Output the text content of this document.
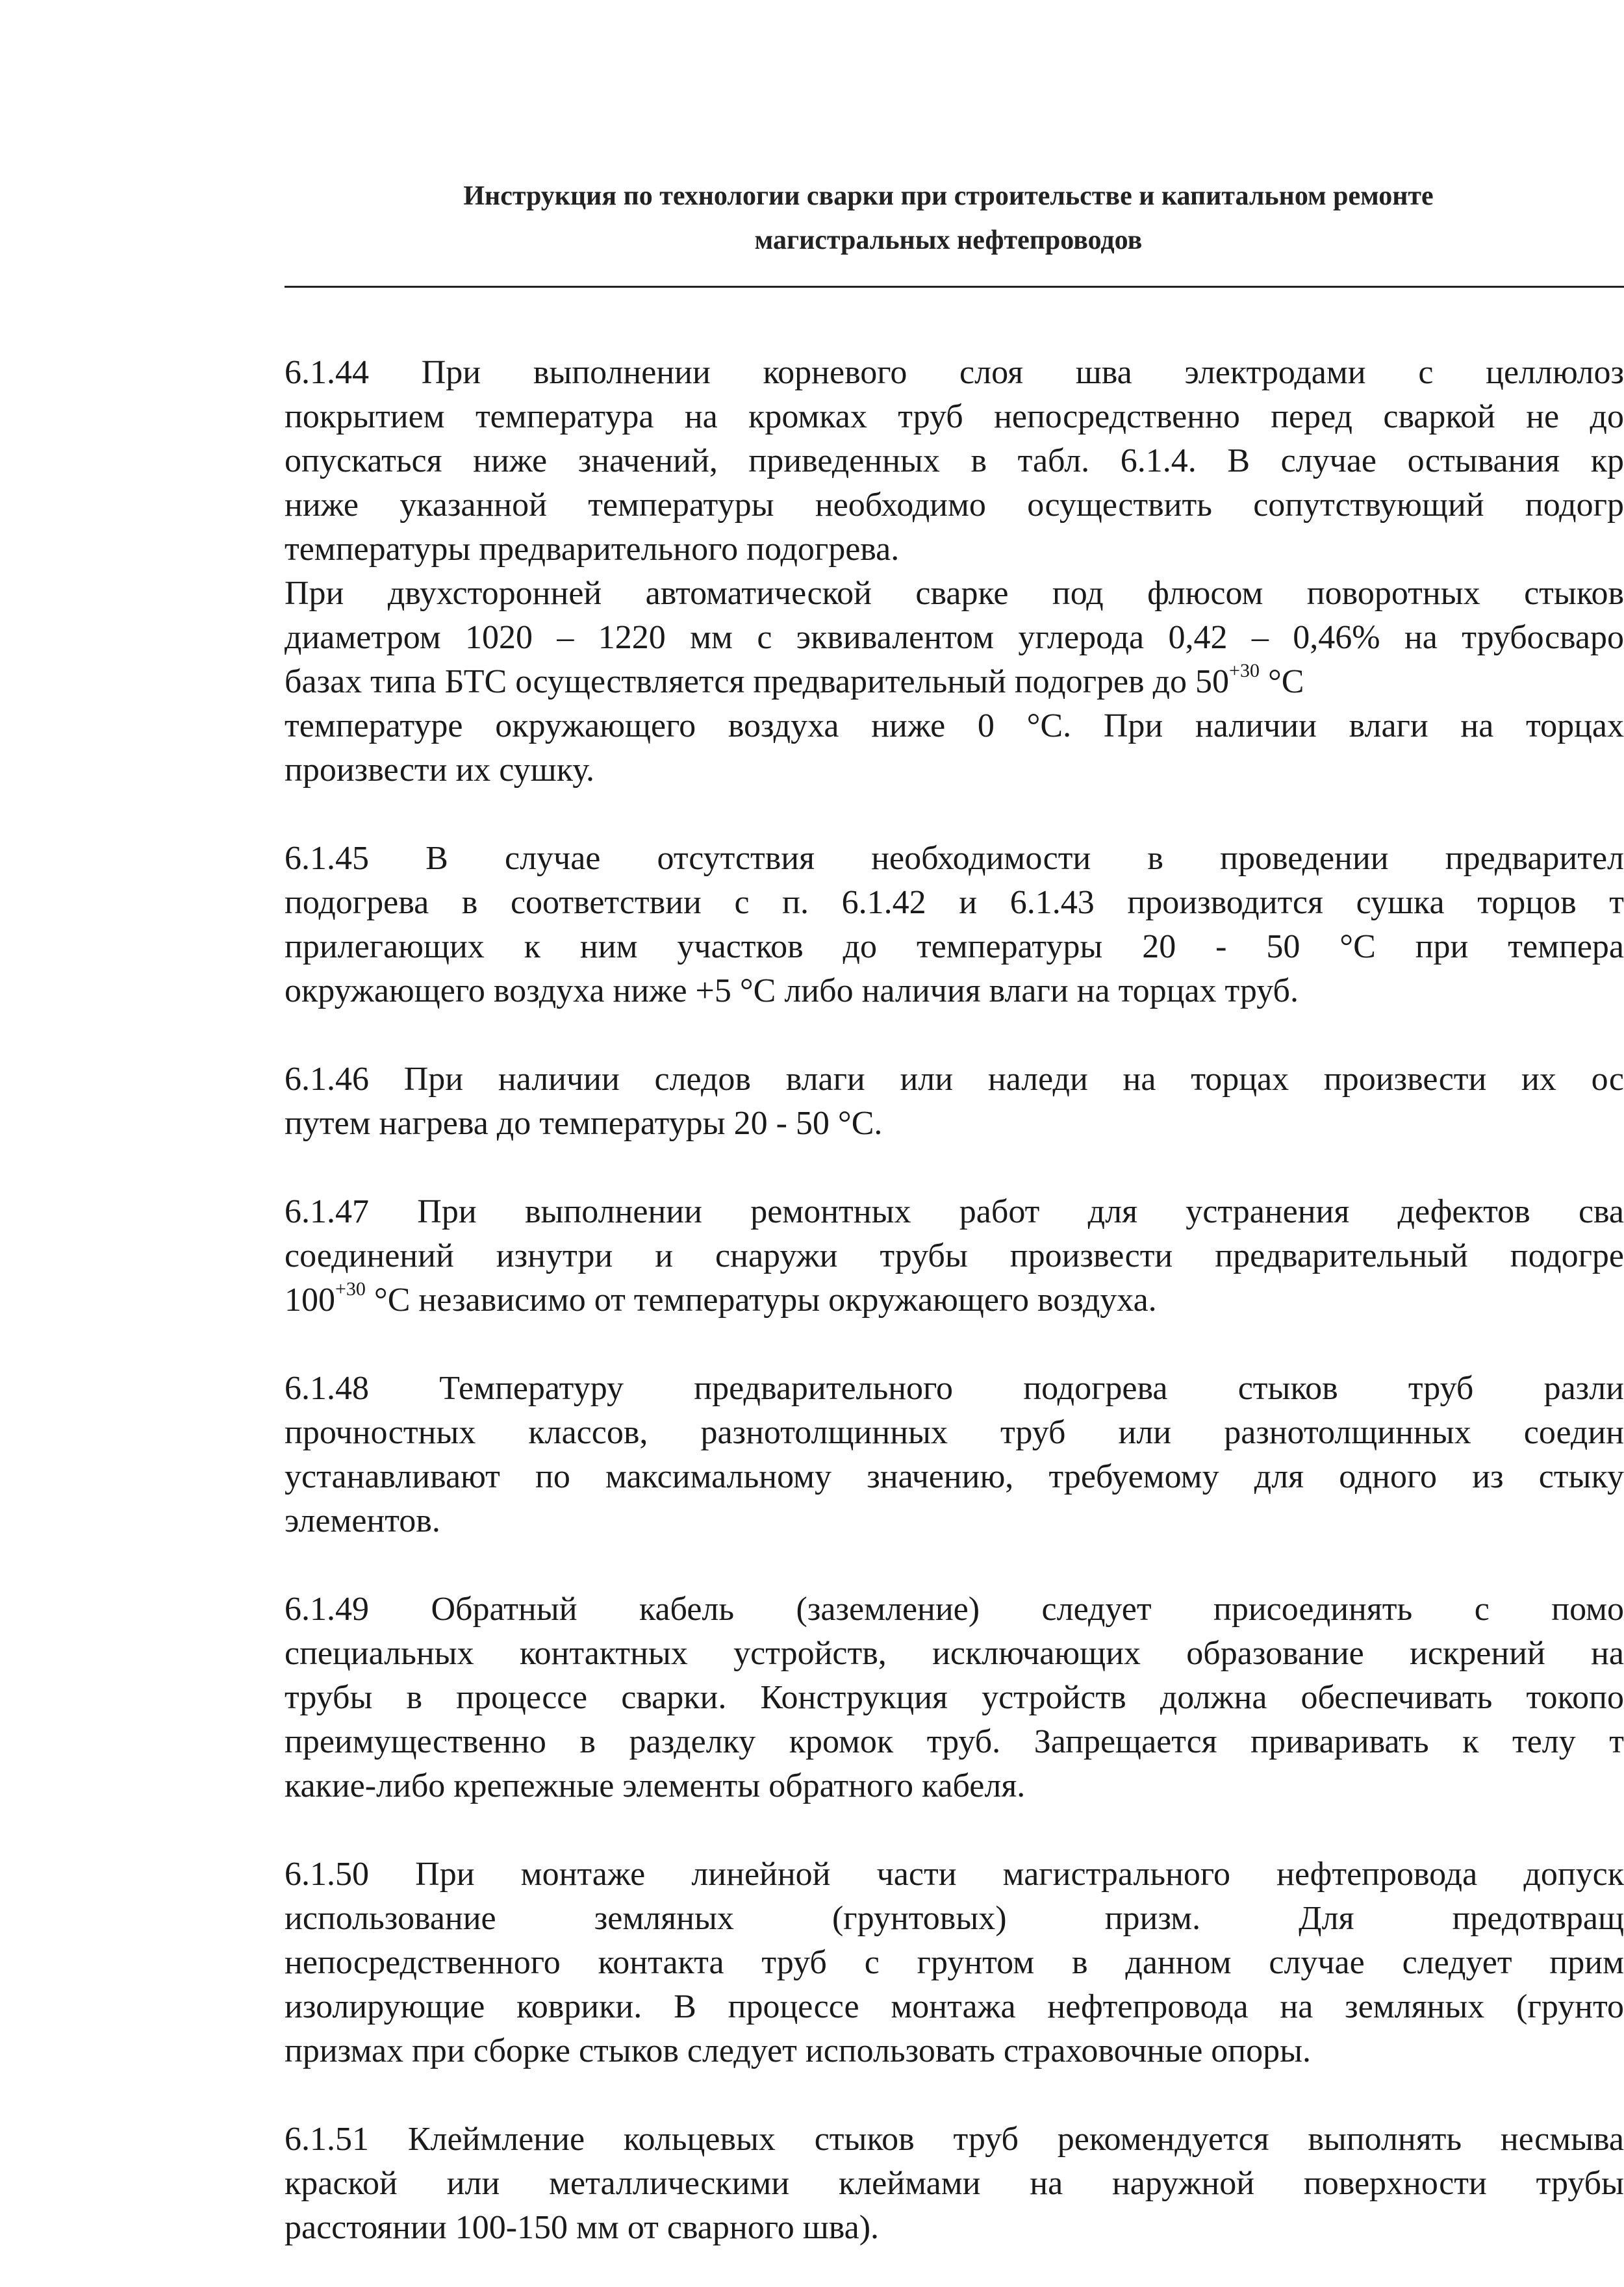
Инструкция по технологии сварки при строительстве и капитальном ремонте
магистральных нефтепроводов
6.1.44 При выполнении корневого слоя шва электродами с целлюлоз
покрытием температура на кромках труб непосредственно перед сваркой не до
опускаться ниже значений, приведенных в табл. 6.1.4. В случае остывания кр
ниже указанной температуры необходимо осуществить сопутствующий подогр
температуры предварительного подогрева.
При двухсторонней автоматической сварке под флюсом поворотных стыков
диаметром 1020 – 1220 мм с эквивалентом углерода 0,42 – 0,46% на трубосваро
базах типа БТС осуществляется предварительный подогрев до $50^{+30}$ °С
температуре окружающего воздуха ниже 0 °С. При наличии влаги на торцах
произвести их сушку.
6.1.45 В случае отсутствия необходимости в проведении предварител
подогрева в соответствии с п. 6.1.42 и 6.1.43 производится сушка торцов т
прилегающих к ним участков до температуры 20 - 50 °С при темпера
окружающего воздуха ниже +5 °С либо наличия влаги на торцах труб.
6.1.46 При наличии следов влаги или наледи на торцах произвести их ос
путем нагрева до температуры 20 - 50 °С.
6.1.47 При выполнении ремонтных работ для устранения дефектов сва
соединений изнутри и снаружи трубы произвести предварительный подогре
$100^{+30}$ °С независимо от температуры окружающего воздуха.
6.1.48 Температуру предварительного подогрева стыков труб разли
прочностных классов, разнотолщинных труб или разнотолщинных соедин
устанавливают по максимальному значению, требуемому для одного из стыку
элементов.
6.1.49 Обратный кабель (заземление) следует присоединять с помо
специальных контактных устройств, исключающих образование искрений на
трубы в процессе сварки. Конструкция устройств должна обеспечивать токопо
преимущественно в разделку кромок труб. Запрещается приваривать к телу т
какие-либо крепежные элементы обратного кабеля.
6.1.50 При монтаже линейной части магистрального нефтепровода допуск
использование земляных (грунтовых) призм. Для предотвращ
непосредственного контакта труб с грунтом в данном случае следует прим
изолирующие коврики. В процессе монтажа нефтепровода на земляных (грунто
призмах при сборке стыков следует использовать страховочные опоры.
6.1.51 Клеймление кольцевых стыков труб рекомендуется выполнять несмыва
краской или металлическими клеймами на наружной поверхности трубы
расстоянии 100-150 мм от сварного шва).
